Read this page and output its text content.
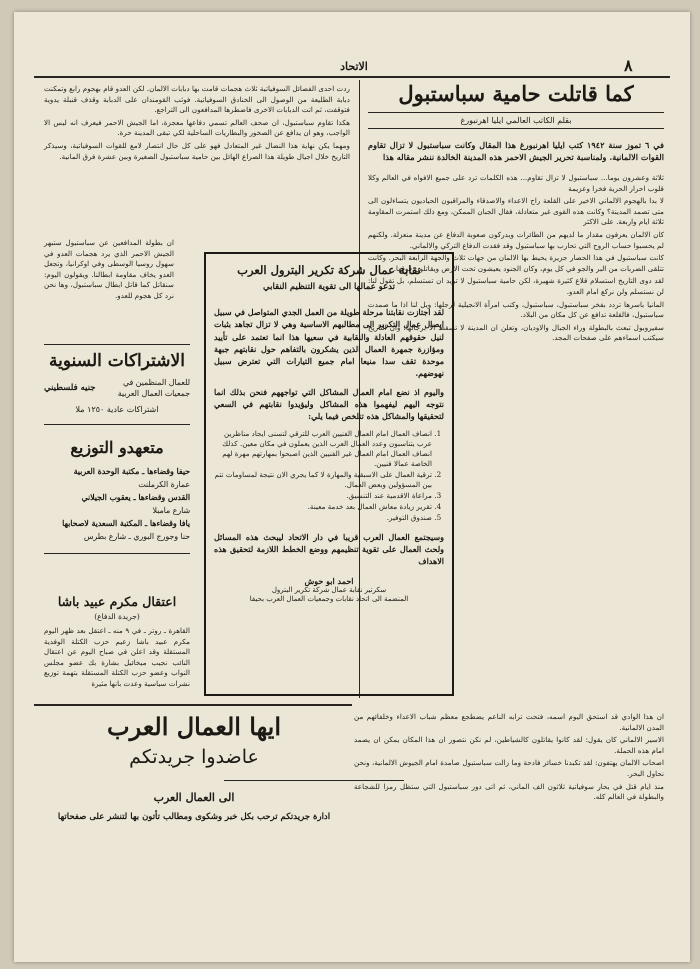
الاتحاد	٨
كما قاتلت حامية سباستبول
بقلم الكاتب العالمي ايليا اهرنبورغ
في ٦ تموز سنة ١٩٤٢ كتب ايليا اهرنبورغ هذا المقال وكانت سباستبول لا تزال تقاوم القوات الالمانية. ولمناسبة تحرير الجيش الاحمر هذه المدينة الخالدة ننشر مقاله هذا

ثلاثة وعشرون يوما... سباستبول لا تزال تقاوم... هذه الكلمات ترد على جميع الافواه في العالم وكلا قلوب احرار الحرية فخرا وعزيمة

لا بدا بالهجوم الالماني الاخير على القلعة راح الاعداء والاصدقاء والمراقبون الحياديون يتساءلون الى متى تصمد المدينة؟ وكانت هذه القوى غير متعادلة، فقال الجبان الممكن، ومع ذلك استمرت المقاومة ثلاثة ايام واربعة. على الاكثر

كان الالمان يعرفون مقدار ما لديهم من الطائرات ويدركون صعوبة الدفاع عن مدينة منعزلة. ولكنهم لم يحسبوا حساب الروح التي تحارب بها سباستبول وقد فقدت الدفاع التركي والالماني.

كانت سباستبول في هذا الحصار جزيرة يحيط بها الالمان من جهات ثلاث والجهة الرابعة البحر. وكانت تتلقى الضربات من البر والجو في كل يوم، وكان الجنود يعيشون تحت الارض ويقاتلون فوقها.

لقد دوى التاريخ استسلام قلاع كثيرة شهيرة، لكن حامية سباستبول لا تريد ان تستسلم، بل تقول لنا: لن نستسلم ولن نركع امام العدو.

المانيا باسرها تردد بفخر سباستبول، سباستبول، وكتب امرأة الانجيلية لرجلها: ويل لنا اذا ما صمدت سباستبول، فالقلعة تدافع عن كل مكان من البلاد.

سفيروبول تبعث بالبطولة وراء الجبال والاوديان، وتعلن ان المدينة لا تسقط الا برجالها، وان التاريخ سيكتب اسماءهم على صفحات المجد.

ان هذا الوادي قد استحق اليوم اسمه، فتحت ترابه الناعم يضطجع معظم شباب الاعداء وخلفائهم من المدن الالمانية.

الاسير الالماني كان يقول: لقد كانوا يقاتلون كالشياطين، لم نكن نتصور ان هذا المكان يمكن ان يصمد امام هذه الحملة.

اصحاب الالمان يهتفون: لقد تكبدنا خسائر فادحة وما زالت سباستبول صامدة امام الجيوش الالمانية، ونحن نحاول البحر.

منذ ايام قتل في بحار سوفياتية ثلاثون الف الماني، ثم اتى دور سباستبول التي ستظل رمزا للشجاعة والبطولة في العالم كله.

ردت احدى الفصائل السوفياتية ثلاث هجمات قامت بها دبابات الالمان. لكن العدو قام بهجوم رابع وتمكنت دبابة الطليعة من الوصول الى الخنادق السوفياتية. فوثب القومندان على الدبابة وقذف قنبلة يدوية فتوقفت، ثم اتت الدبابات الاخرى فاضطرها المدافعون الى التراجع.

هكذا تقاوم سباستبول، ان صحف العالم تسمي دفاعها معجزة، اما الجيش الاحمر فيعرف انه ليس الا الواجب، وهو ان يدافع عن الصخور والبطاريات الساحلية لكي تبقى المدينة حرة.

ومهما يكن نهاية هذا النضال غير المتعادل فهو على كل حال انتصار لامع للقوات السوفياتية، وسيذكر التاريخ خلال اجيال طويلة هذا الصراع الهائل بين حامية سباستبول الصغيرة وبين عشرة فرق المانية.

ان بطولة المدافعين عن سباستبول ستبهر الجيش الاحمر الذي يرد هجمات العدو في سهول روسيا الوسطى وفي اوكرانيا، وتجعل العدو يخاف مقاومة ابطالنا. ويقولون اليوم: سنقاتل كما قاتل ابطال سباستبول، وها نحن نرد كل هجوم للعدو.

نقابة عمال شركة تكرير البترول العرب
تدعو عمالها الى تقوية التنظيم النقابي
لقد اجتازت نقابتنا مرحلة طويلة من العمل الجدي المتواصل في سبيل ايصال عمال التكرير الى مطالبهم الاساسية وهي لا تزال تجاهد بثبات لنيل حقوقهم العادلة والنقابية في سعيها هذا انما تعتمد على تأييد ومؤازرة جمهرة العمال الذين يشكرون بالتفاهم حول نقابتهم جبهة موحدة تقف سدا منيعا امام جميع التيارات التي تعترض سبيل نهوضهم.
واليوم اذ نضع امام العمال المشاكل التي تواجههم فنحن بذلك انما نتوجه اليهم ليفهموا هذه المشاكل وليؤيدوا نقابتهم في السعي لتحقيقها والمشاكل هذه تتلخص فيما يلي:
1. انصاف العمال امام العمال الفنيين العرب للترقي لتسنى ايجاد مناظرين عرب يتناسبون وعدد العمال العرب الذين يعملون في مكان معين. كذلك انصاف العمال امام العمال غير الفنيين الذين اصبحوا بمهارتهم مهرة لهم الخاصة عمالا فنيين.
2. ترقية العمال على الاسبقية والمهارة لا كما يجري الان نتيجة لمساومات تتم بين المسؤولين وبعض العمال.
3. مراعاة الاقدمية عند التنسيق.
4. تقرير زيادة معاش العمال بعد خدمة معينة.
5. صندوق التوفير.
وسيجتمع العمال العرب قريبا في دار الاتحاد ليبحث هذه المسائل ولحث العمال على تقوية تنظيمهم ووضع الخطط اللازمة لتحقيق هذه الاهداف
احمد ابو حوش
سكرتير نقابة عمال شركة تكرير البترول
المنضمة الى اتحاد نقابات وجمعيات العمال العرب بحيفا
الاشتراكات السنوية
للعمال المنظمين في جمعيات العمال العربية
جنيه فلسطيني
اشتراكات عادية ١٢٥٠ ملا
متعهدو التوزيع
حيفا وقضاءها ـ مكتبة الوحدة العربية
عمارة الكرملنت
القدس وقضاءها ـ يعقوب الجيلاني
شارع مامبلا
يافا وقضاءها ـ المكتبة السعدية لاصحابها
حنا وجورج البوري ـ شارع بطرس
اعتقال مكرم عبيد باشا
(جريدة الدفاع)
القاهرة ـ روتر ـ في ٩ منه ـ اعتقل بعد ظهر اليوم مكرم عبيد باشا زعيم حزب الكتلة الوفدية المستقلة وقد اعلن في صباح اليوم عن اعتقال النائب نجيب ميخائيل بشارة بك عضو مجلس النواب وعضو حزب الكتلة المستقلة بتهمة توزيع نشرات سياسية وعدت بانها مثيرة
ايها العمال العرب
عاضدوا جريدتكم
الى العمال العرب
ادارة جريدتكم ترحب بكل خبر وشكوى ومطالب تأتون بها لتنشر على صفحاتها
